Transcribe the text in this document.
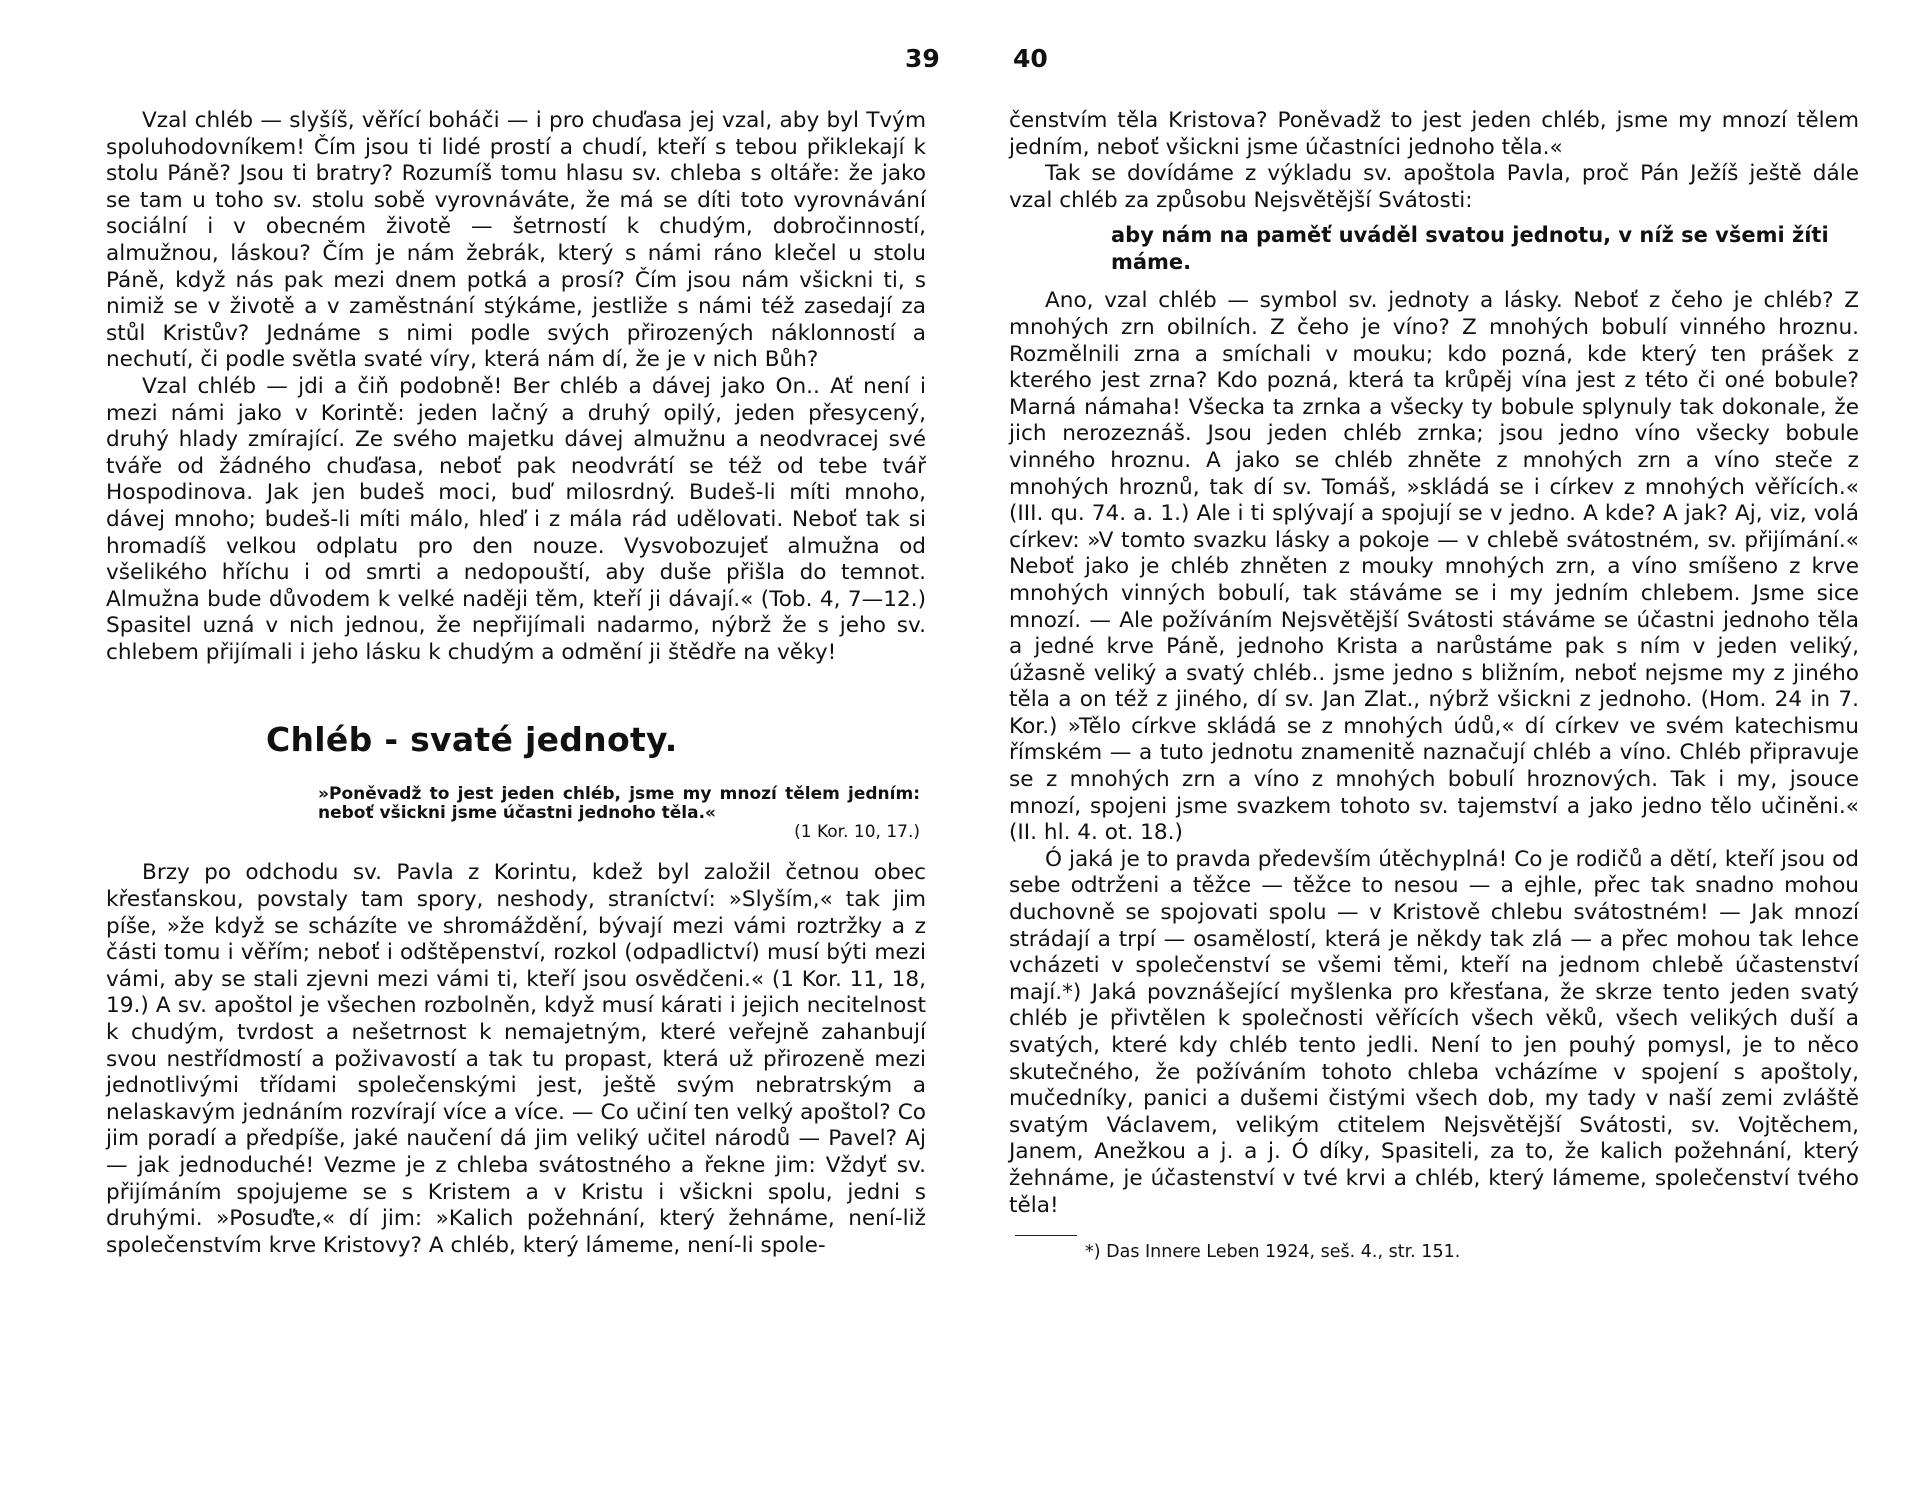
39

Vzal chléb — slyšíš, věřící boháči — i pro chuďasa jej vzal, aby byl Tvým spoluhodovníkem! Čím jsou ti lidé prostí a chudí, kteří s tebou přiklekají k stolu Páně? Jsou ti bratry? Rozumíš tomu hlasu sv. chleba s oltáře: že jako se tam u toho sv. stolu sobě vyrovnáváte, že má se díti toto vyrovnávání sociální i v obecném životě — šetrností k chudým, dobročinností, almužnou, láskou? Čím je nám žebrák, který s námi ráno klečel u stolu Páně, když nás pak mezi dnem potká a prosí? Čím jsou nám všickni ti, s nimiž se v životě a v zaměstnání stýkáme, jestliže s námi též zasedají za stůl Kristův? Jednáme s nimi podle svých přirozených náklonností a nechutí, či podle světla svaté víry, která nám dí, že je v nich Bůh?

Vzal chléb — jdi a čiň podobně! Ber chléb a dávej jako On.. Ať není i mezi námi jako v Korintě: jeden lačný a druhý opilý, jeden přesycený, druhý hlady zmírající. Ze svého majetku dávej almužnu a neodvracej své tváře od žádného chuďasa, neboť pak neodvrátí se též od tebe tvář Hospodinova. Jak jen budeš moci, buď milosrdný. Budeš-li míti mnoho, dávej mnoho; budeš-li míti málo, hleď i z mála rád udělovati. Neboť tak si hromadíš velkou odplatu pro den nouze. Vysvobozujeť almužna od všelikého hříchu i od smrti a nedopouští, aby duše přišla do temnot. Almužna bude důvodem k velké naději těm, kteří ji dávají.« (Tob. 4, 7—12.) Spasitel uzná v nich jednou, že nepřijímali nadarmo, nýbrž že s jeho sv. chlebem přijímali i jeho lásku k chudým a odmění ji štědře na věky!

Chléb - svaté jednoty.
»Poněvadž to jest jeden chléb, jsme my mnozí tělem jedním: neboť všickni jsme účastni jednoho těla.«
(1 Kor. 10, 17.)

Brzy po odchodu sv. Pavla z Korintu, kdež byl založil četnou obec křesťanskou, povstaly tam spory, neshody, straníctví: »Slyším,« tak jim píše, »že když se scházíte ve shromáždění, bývají mezi vámi roztržky a z části tomu i věřím; neboť i odštěpenství, rozkol (odpadlictví) musí býti mezi vámi, aby se stali zjevni mezi vámi ti, kteří jsou osvědčeni.« (1 Kor. 11, 18, 19.) A sv. apoštol je všechen rozbolněn, když musí kárati i jejich necitelnost k chudým, tvrdost a nešetrnost k nemajetným, které veřejně zahanbují svou nestřídmostí a poživavostí a tak tu propast, která už přirozeně mezi jednotlivými třídami společenskými jest, ještě svým nebratrským a nelaskavým jednáním rozvírají více a více. — Co učiní ten velký apoštol? Co jim poradí a předpíše, jaké naučení dá jim veliký učitel národů — Pavel? Aj — jak jednoduché! Vezme je z chleba svátostného a řekne jim: Vždyť sv. přijímáním spojujeme se s Kristem a v Kristu i všickni spolu, jedni s druhými. »Posuďte,« dí jim: »Kalich požehnání, který žehnáme, není-liž společenstvím krve Kristovy? A chléb, který lámeme, není-li spole-

40

čenstvím těla Kristova? Poněvadž to jest jeden chléb, jsme my mnozí tělem jedním, neboť všickni jsme účastníci jednoho těla.«

Tak se dovídáme z výkladu sv. apoštola Pavla, proč Pán Ježíš ještě dále vzal chléb za způsobu Nejsvětější Svátosti:

aby nám na paměť uváděl svatou jednotu, v níž se všemi žíti máme.

Ano, vzal chléb — symbol sv. jednoty a lásky. Neboť z čeho je chléb? Z mnohých zrn obilních. Z čeho je víno? Z mnohých bobulí vinného hroznu. Rozmělnili zrna a smíchali v mouku; kdo pozná, kde který ten prášek z kterého jest zrna? Kdo pozná, která ta krůpěj vína jest z této či oné bobule? Marná námaha! Všecka ta zrnka a všecky ty bobule splynuly tak dokonale, že jich nerozeznáš. Jsou jeden chléb zrnka; jsou jedno víno všecky bobule vinného hroznu. A jako se chléb zhněte z mnohých zrn a víno steče z mnohých hroznů, tak dí sv. Tomáš, »skládá se i církev z mnohých věřících.« (III. qu. 74. a. 1.) Ale i ti splývají a spojují se v jedno. A kde? A jak? Aj, viz, volá církev: »V tomto svazku lásky a pokoje — v chlebě svátostném, sv. přijímání.« Neboť jako je chléb zhněten z mouky mnohých zrn, a víno smíšeno z krve mnohých vinných bobulí, tak stáváme se i my jedním chlebem. Jsme sice mnozí. — Ale požíváním Nejsvětější Svátosti stáváme se účastni jednoho těla a jedné krve Páně, jednoho Krista a narůstáme pak s ním v jeden veliký, úžasně veliký a svatý chléb.. jsme jedno s bližním, neboť nejsme my z jiného těla a on též z jiného, dí sv. Jan Zlat., nýbrž všickni z jednoho. (Hom. 24 in 7. Kor.) »Tělo církve skládá se z mnohých údů,« dí církev ve svém katechismu římském — a tuto jednotu znamenitě naznačují chléb a víno. Chléb připravuje se z mnohých zrn a víno z mnohých bobulí hroznových. Tak i my, jsouce mnozí, spojeni jsme svazkem tohoto sv. tajemství a jako jedno tělo učiněni.« (II. hl. 4. ot. 18.)

Ó jaká je to pravda především útěchyplná! Co je rodičů a dětí, kteří jsou od sebe odtrženi a těžce — těžce to nesou — a ejhle, přec tak snadno mohou duchovně se spojovati spolu — v Kristově chlebu svátostném! — Jak mnozí strádají a trpí — osamělostí, která je někdy tak zlá — a přec mohou tak lehce vcházeti v společenství se všemi těmi, kteří na jednom chlebě účastenství mají.*) Jaká povznášející myšlenka pro křesťana, že skrze tento jeden svatý chléb je přivtělen k společnosti věřících všech věků, všech velikých duší a svatých, které kdy chléb tento jedli. Není to jen pouhý pomysl, je to něco skutečného, že požíváním tohoto chleba vcházíme v spojení s apoštoly, mučedníky, panici a dušemi čistými všech dob, my tady v naší zemi zvláště svatým Václavem, velikým ctitelem Nejsvětější Svátosti, sv. Vojtěchem, Janem, Anežkou a j. a j. Ó díky, Spasiteli, za to, že kalich požehnání, který žehnáme, je účastenství v tvé krvi a chléb, který lámeme, společenství tvého těla!

*) Das Innere Leben 1924, seš. 4., str. 151.
